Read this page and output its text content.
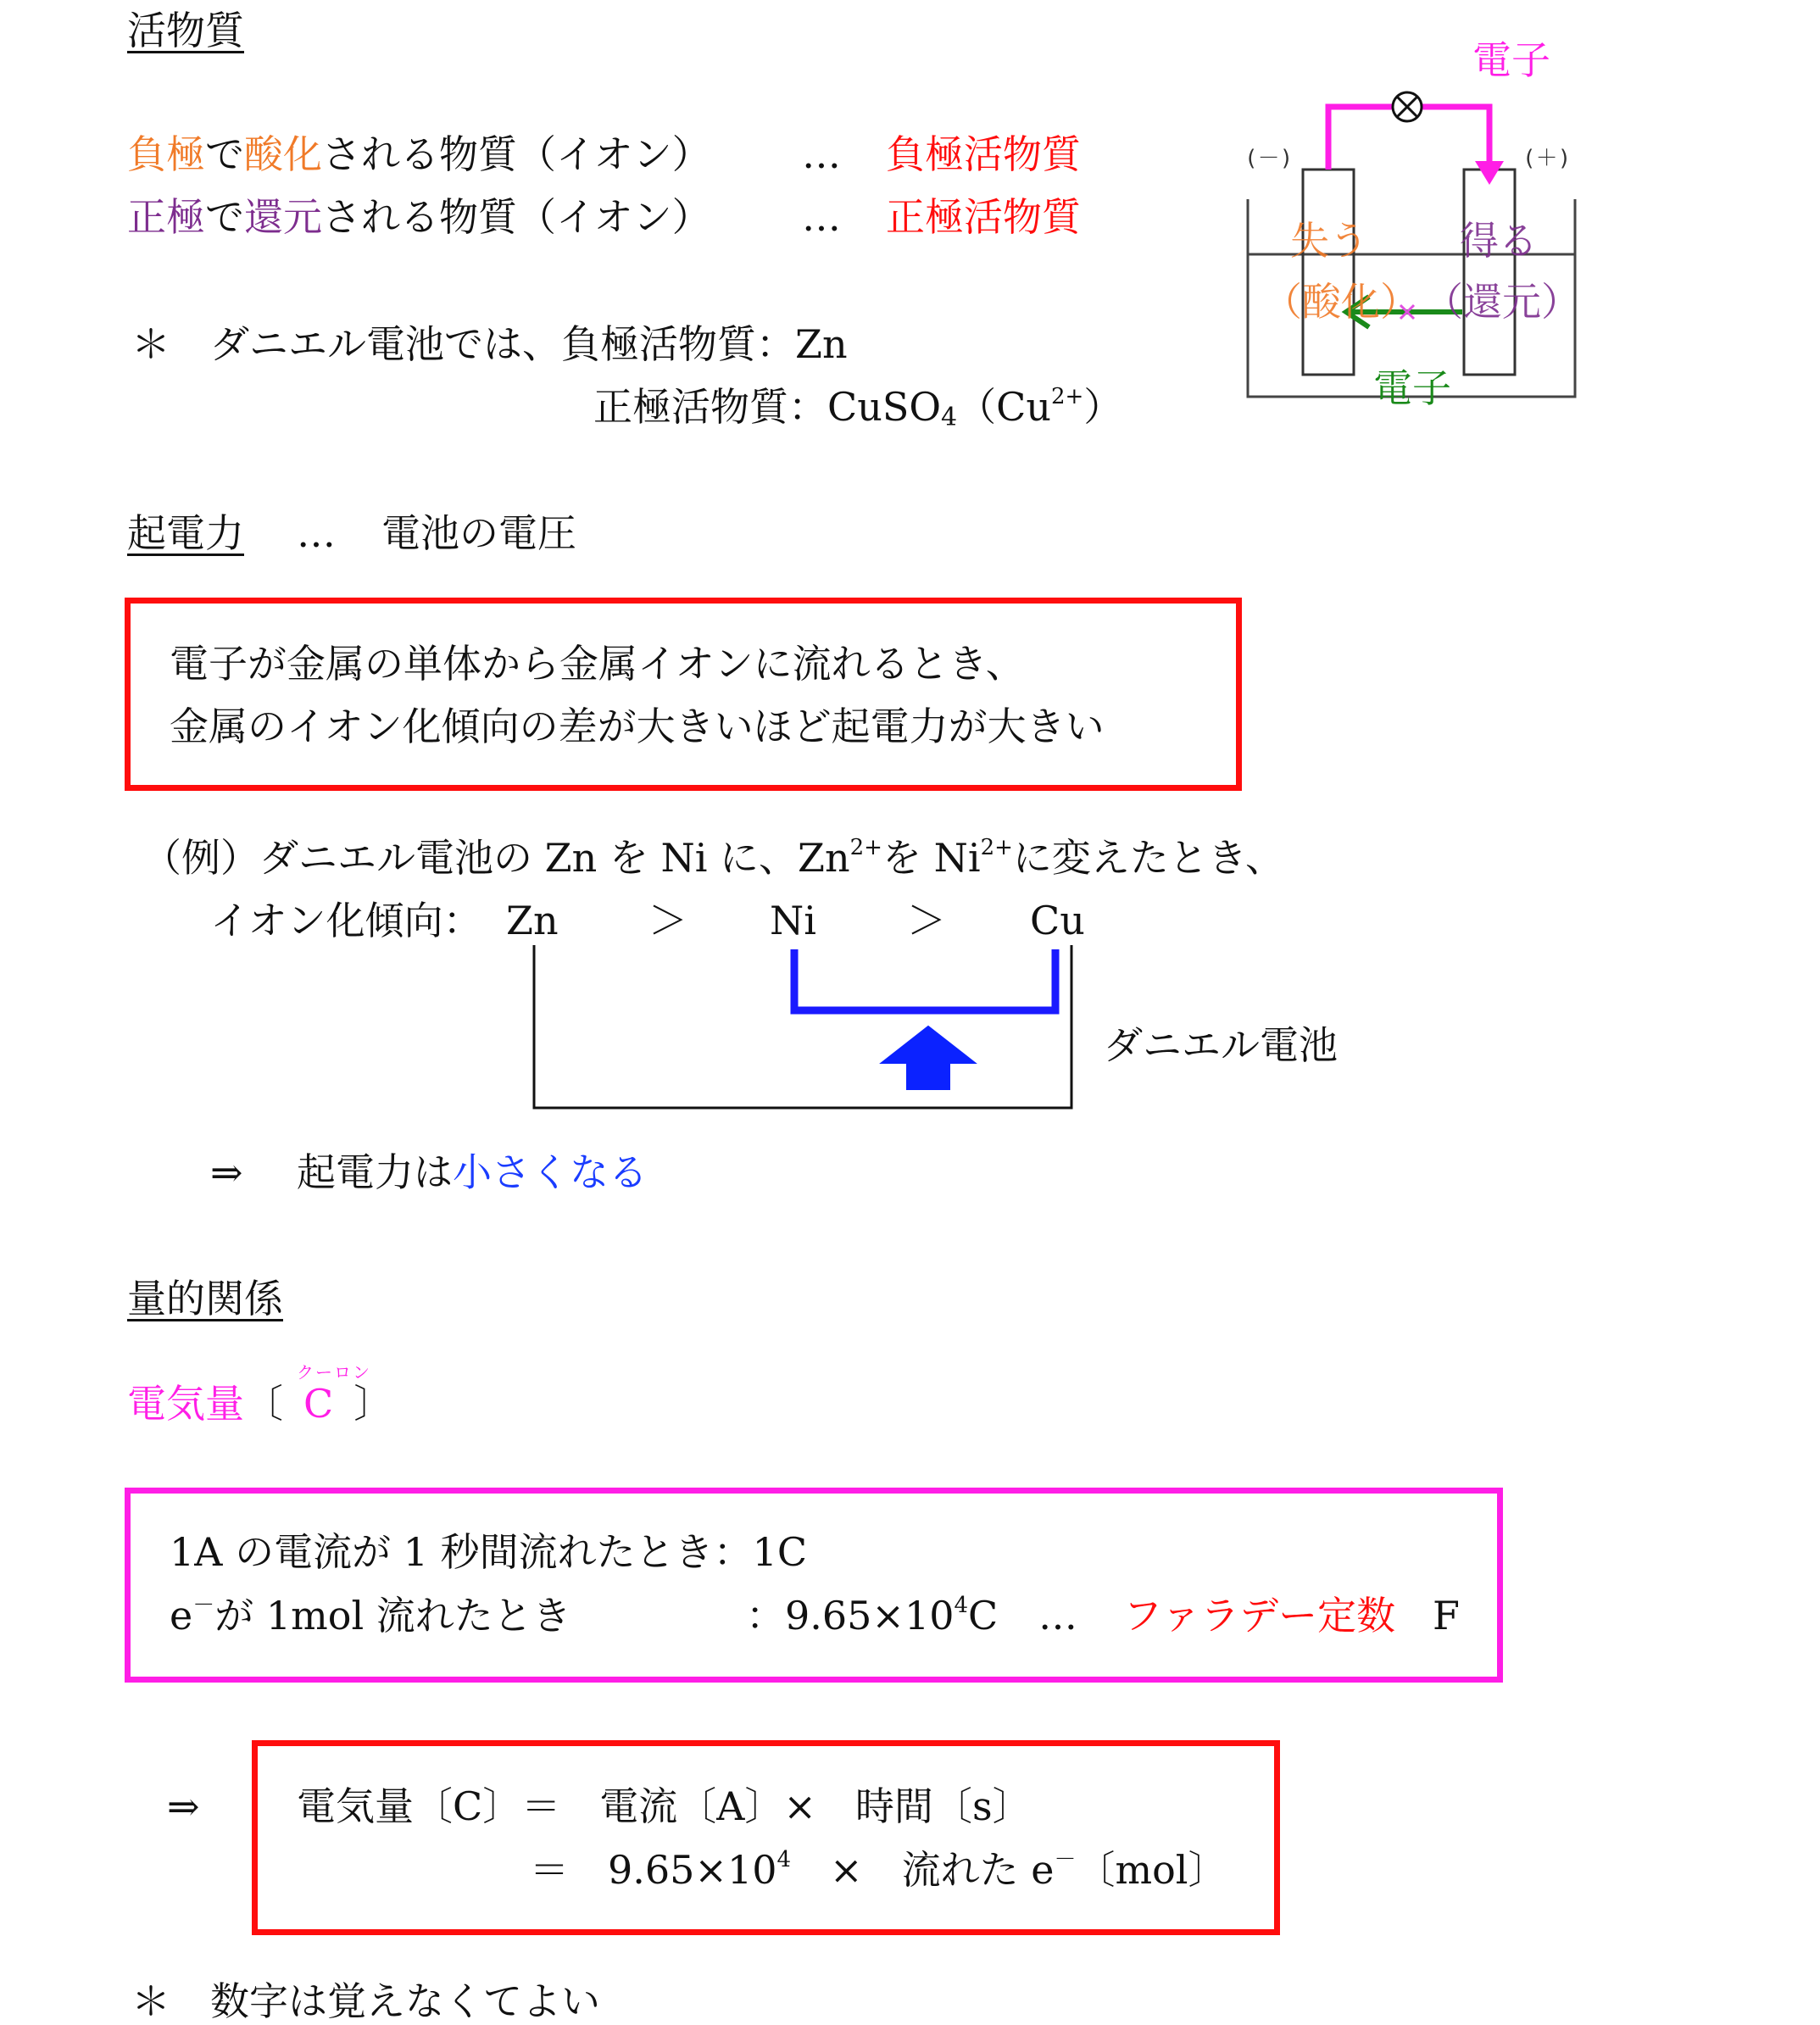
活物質
負極で酸化される物質（イオン） … 負極活物質
正極で還元される物質（イオン） … 正極活物質
＊ ダニエル電池では、負極活物質：Zn
正極活物質：$CuSO_4(Cu^{2+})$
電子
(－)	(＋)
失う
（酸化）
得る
（還元）
電子
起電力 … 電池の電圧
電子が金属の単体から金属イオンに流れるとき、
金属のイオン化傾向の差が大きいほど起電力が大きい
（例）ダニエル電池の Zn を Ni に、$Zn^{2+}$を $Ni^{2+}$に変えたとき、
イオン化傾向： Zn ＞ Ni ＞ Cu
ダニエル電池
⇒ 起電力は小さくなる
量的関係
電気量〔 C 〕
クーロン
1A の電流が 1 秒間流れたとき：1C
e－が 1mol 流れたとき	：$9.65\times 10^4C$ … ファラデー定数 F
⇒ 電気量〔C〕＝　電流〔A〕×　時間〔s〕
＝　$9.65\times 10^4$　×　流れた e－〔mol〕
＊ 数字は覚えなくてよい
